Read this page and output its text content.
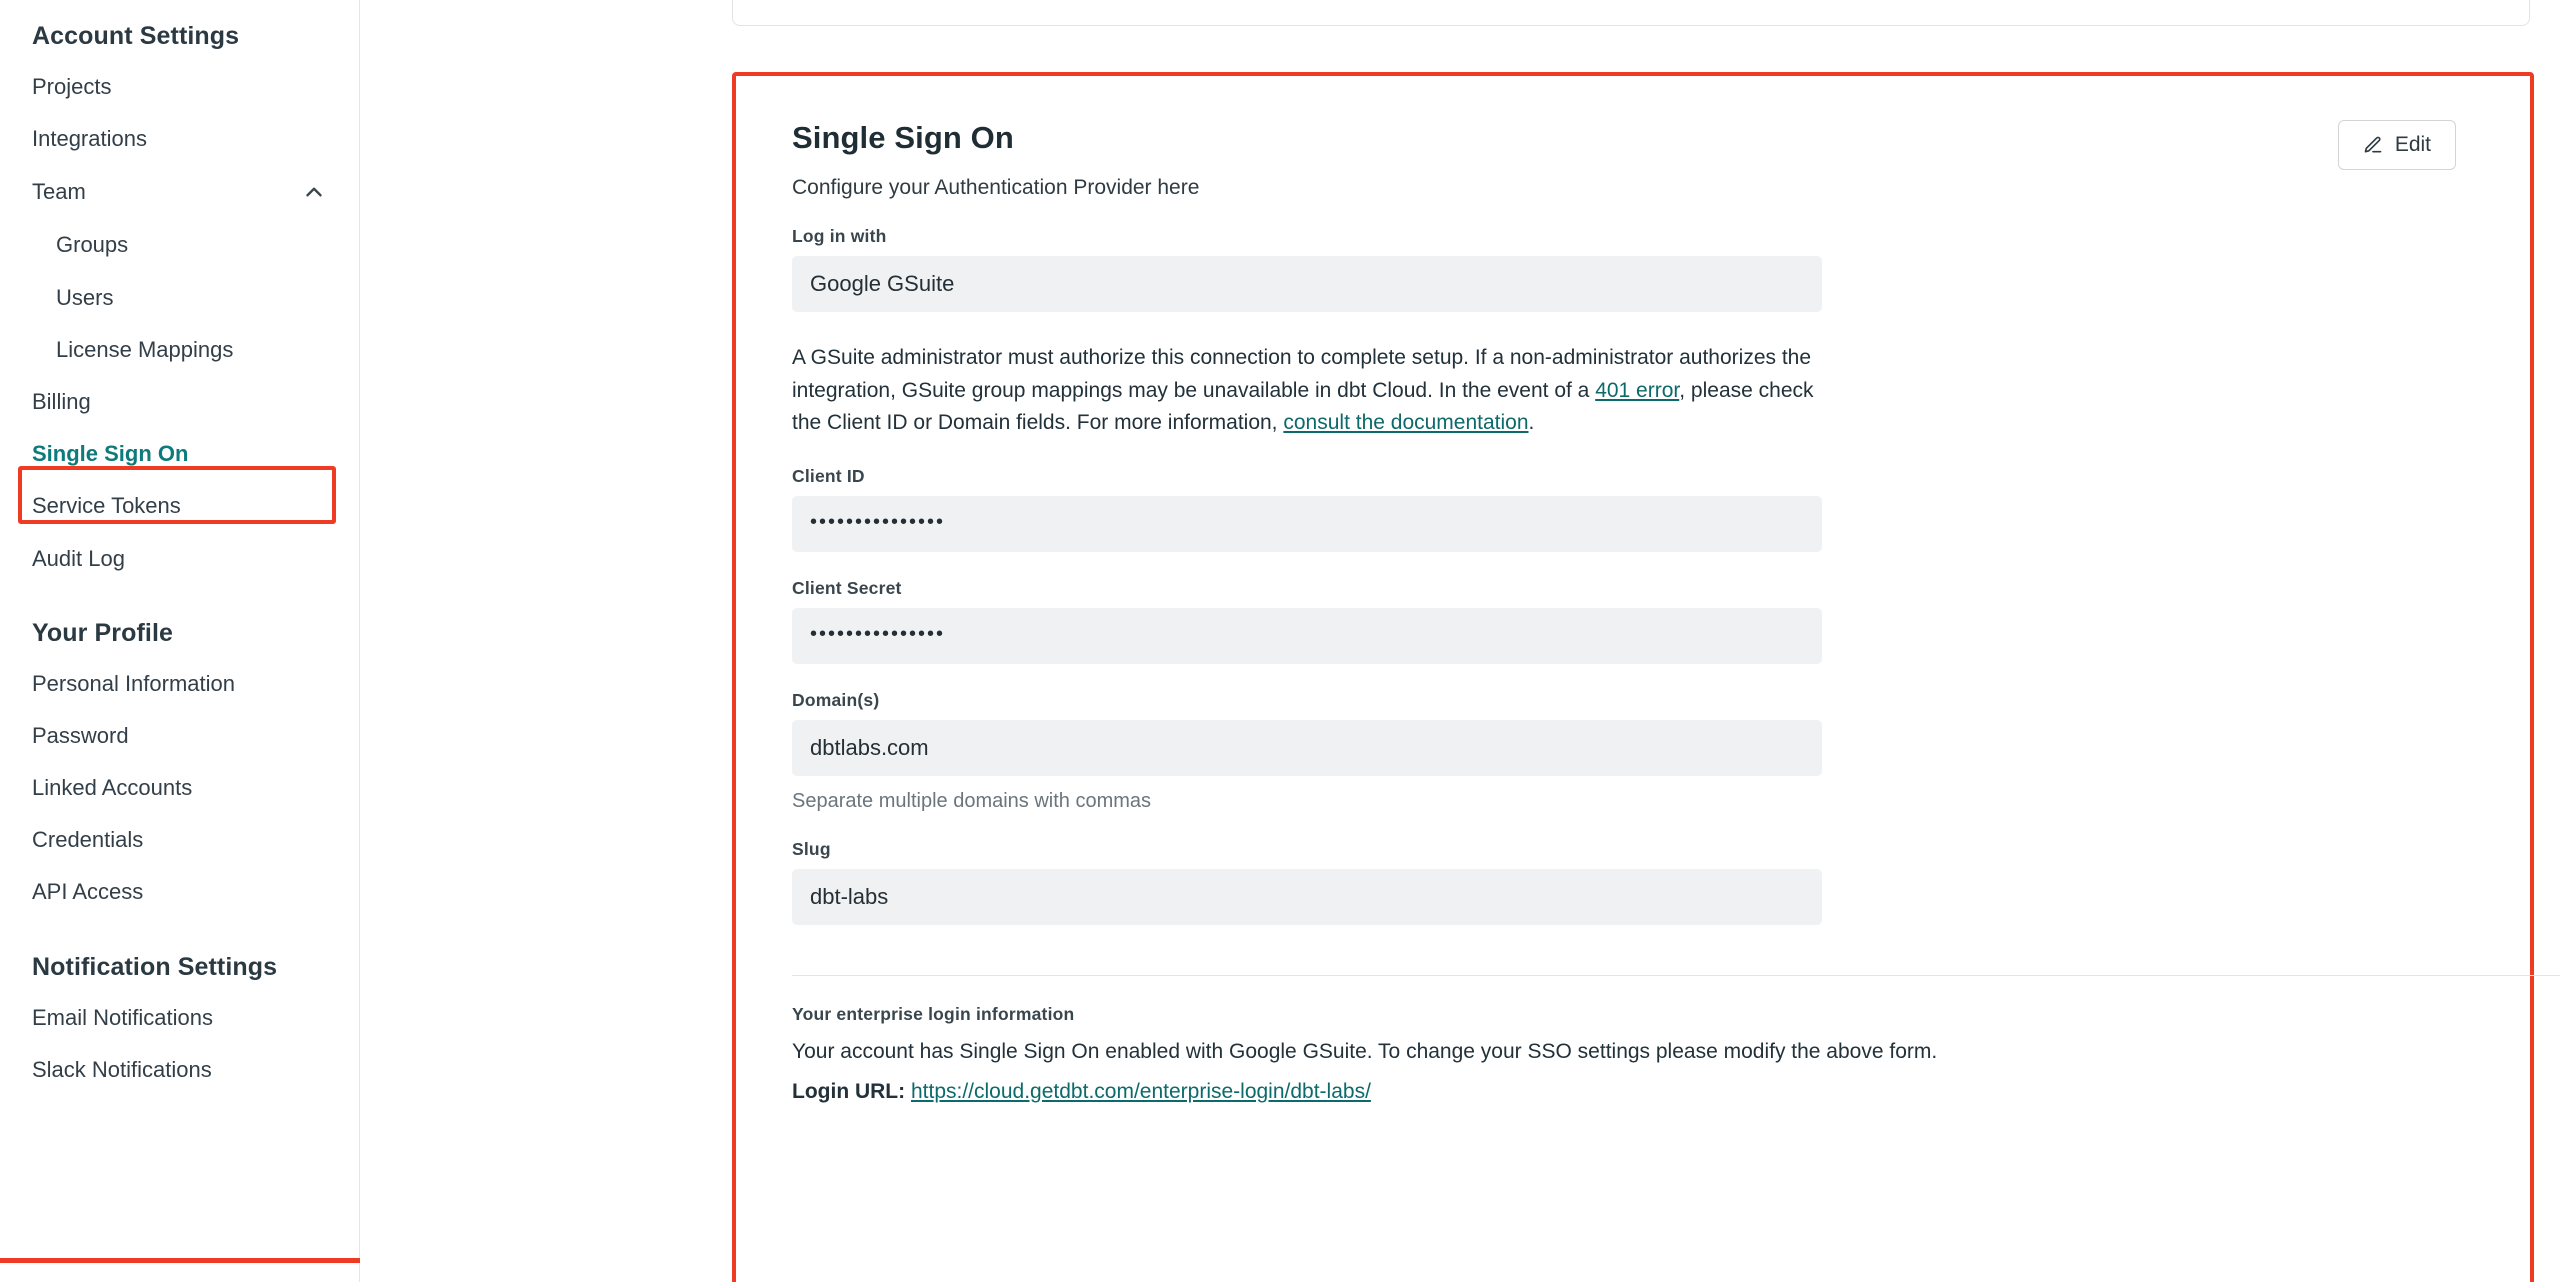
Account Settings
Projects
Integrations
Team
Groups
Users
License Mappings
Billing
Single Sign On
Service Tokens
Audit Log
Your Profile
Personal Information
Password
Linked Accounts
Credentials
API Access
Notification Settings
Email Notifications
Slack Notifications
Single Sign On
Configure your Authentication Provider here
Edit
Log in with
Google GSuite
A GSuite administrator must authorize this connection to complete setup. If a non-administrator authorizes the integration, GSuite group mappings may be unavailable in dbt Cloud. In the event of a 401 error, please check the Client ID or Domain fields. For more information, consult the documentation.
Client ID
•••••••••••••••
Client Secret
•••••••••••••••
Domain(s)
dbtlabs.com
Separate multiple domains with commas
Slug
dbt-labs
Your enterprise login information
Your account has Single Sign On enabled with Google GSuite. To change your SSO settings please modify the above form.
Login URL: https://cloud.getdbt.com/enterprise-login/dbt-labs/
